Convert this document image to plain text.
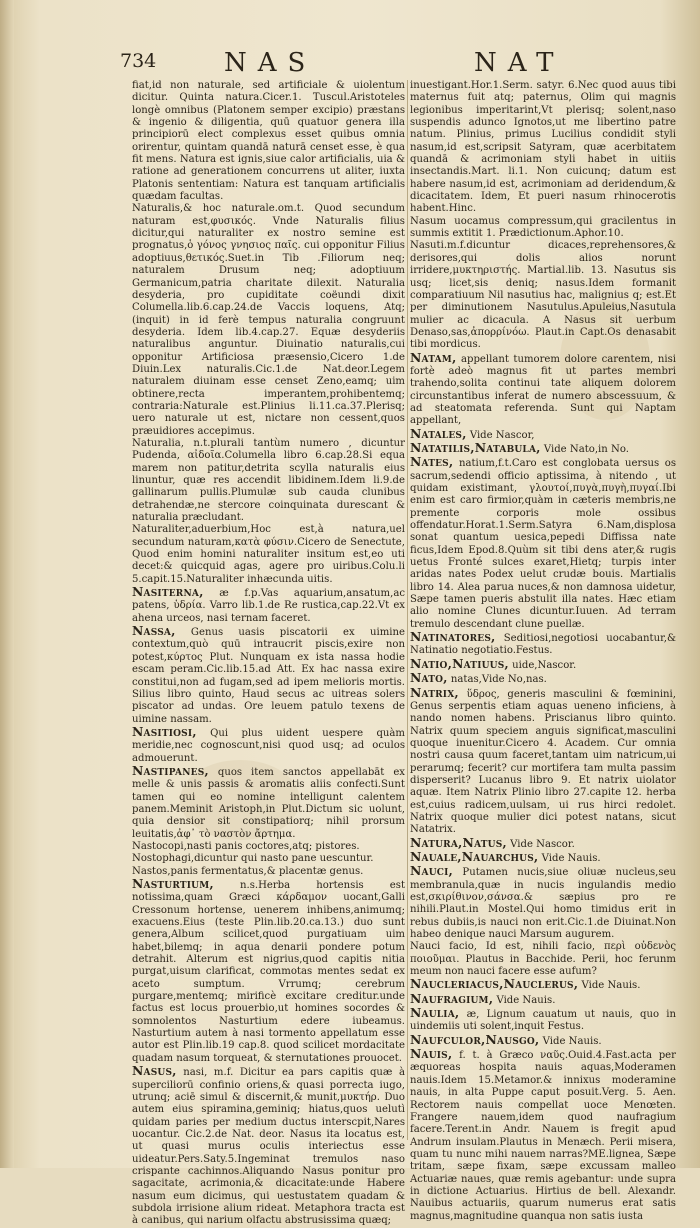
734	NAS	NAT

fiat,id non naturale, sed artificiale & uiolentum dicitur. Quinta natura.Cicer.1. Tuscul.Aristoteles longè omnibus (Platonem semper excipio) præstans & ingenio & diligentia, quū quatuor genera illa principiorū elect complexus esset quibus omnia orirentur, quintam quandā naturā censet esse, è qua fit mens. Natura est ignis,siue calor artificialis, uia & ratione ad generationem concurrens ut aliter, iuxta Platonis sententiam: Natura est tanquam artificialis quædam facultas.

Naturalis,& hoc naturale.om.t. Quod secundum naturam est,φυσικός. Vnde Naturalis filius dicitur,qui naturaliter ex nostro semine est prognatus,ὁ γόνος γνησιος παῖς. cui opponitur Filius adoptiuus,θετικός.Suet.in Tib .Filiorum neq; naturalem Drusum neq; adoptiuum Germanicum,patria charitate dilexit. Naturalia desyderia, pro cupiditate coëundi dixit Columella.lib.6.cap.24.de Vaccis loquens, Atq; (inquit) in id ferè tempus naturalia congruunt desyderia. Idem lib.4.cap.27. Equæ desyderiis naturalibus anguntur. Diuinatio naturalis,cui opponitur Artificiosa præsensio,Cicero 1.de Diuin.Lex naturalis.Cic.1.de Nat.deor.Legem naturalem diuinam esse censet Zeno,eamq; uim obtinere,recta imperantem,prohibentemq; contraria:Naturale est.Plinius li.11.ca.37.Plerisq; uero naturale ut est, nictare non cessent,quos præuidiores accepimus.

Naturalia, n.t.plurali tantùm numero , dicuntur Pudenda, αἰδοῖα.Columella libro 6.cap.28.Si equa marem non patitur,detrita scylla naturalis eius linuntur, quæ res accendit libidinem.Idem li.9.de gallinarum pullis.Plumulæ sub cauda clunibus detrahendæ,ne stercore coinquinata durescant & naturalia præcludant.

Naturaliter,aduerbium,Hoc est,à natura,uel secundum naturam,κατὰ φύσιν.Cicero de Senectute, Quod enim homini naturaliter insitum est,eo uti decet:& quicquid agas, agere pro uiribus.Colu.li 5.capit.15.Naturaliter inhæcunda uitis.

Nasiterna, æ f.p.Vas aquarium,ansatum,ac patens, ὑδρία. Varro lib.1.de Re rustica,cap.22.Vt ex ahena urceos, nasi ternam faceret.

Nassa, Genus uasis piscatorii ex uimine contextum,quò quū intraucrit piscis,exire non potest,κύρτος Plut. Nunquam ex ista nassa hodie escam peram.Cic.lib.15.ad Att. Ex hac nassa exire constitui,non ad fugam,sed ad ipem melioris mortis. Silius libro quinto, Haud secus ac uitreas solers piscator ad undas. Ore leuem patulo texens de uimine nassam.

Nasitiosi, Qui plus uident uespere quàm meridie,nec cognoscunt,nisi quod usq; ad oculos admouerunt.

Nastipanes, quos item sanctos appellabāt ex melle & unis passis & aromatis aliis confecti.Sunt tamen qui eo nomine intelligunt calentem panem.Meminit Aristoph,in Plut.Dictum sic uolunt, quia densior sit constipatiorq; nihil prorsum leuitatis,ἀφ᾽ τὸ ναστὸν ἄρτημα.

Nastocopi,nasti panis coctores,atq; pistores.

Nostophagi,dicuntur qui nasto pane uescuntur.

Nastos,panis fermentatus,& placentæ genus.

Nasturtium,	n.s.Herba hortensis est notissima,quam Græci κάρδαμον uocant,Galli Cressonum hortense, uenerem inhibens,animumq; exacuens.Eius (teste Plin.lib.20.ca.13.) duo sunt genera,Album scilicet,quod purgatiuam uim habet,bilemq; in aqua denarii pondere potum detrahit. Alterum est nigrius,quod capitis nitia purgat,uisum clarificat, commotas mentes sedat ex aceto sumptum. Vrrumq; cerebrum purgare,mentemq; mirificè excitare creditur.unde factus est locus prouerbio,ut homines socordes & somnolentos Nasturtium edere iubeamus. Nasturtium autem à nasi tormento appellatum esse autor est Plin.lib.19 cap.8. quod scilicet mordacitate quadam nasum torqueat, & sternutationes prouocet.

Nasus, nasi, m.f. Dicitur ea pars capitis quæ à superciliorū confinio oriens,& quasi porrecta iugo, utrunq; aciē simul & discernit,& munit,μυκτήρ. Duo autem eius spiramina,geminiq; hiatus,quos uelutì quidam paries per medium ductus interscpit,Nares uocantur. Cic.2.de Nat. deor. Nasus ita locatus est, ut quasi murus oculis interiectus esse uideatur.Pers.Saty.5.Ingeminat tremulos naso crispante cachinnos.Aliquando Nasus ponitur pro sagacitate, acrimonia,& dicacitate:unde Habere nasum eum dicimus, qui uestustatem quadam & subdola irrisione alium rideat. Metaphora tracta est à canibus, qui narium olfactu abstrusissima quæq;

inuestigant.Hor.1.Serm. satyr. 6.Nec quod auus tibi maternus fuit atq; paternus, Olim qui magnis legionibus imperitarint,Vt plerisq; solent,naso suspendis adunco Ignotos,ut me libertino patre natum. Plinius, primus Lucilius condidit styli nasum,id est,scripsit Satyram, quæ acerbitatem quandā & acrimoniam styli habet in uitiis insectandis.Mart. li.1. Non cuicunq; datum est habere nasum,id est, acrimoniam ad deridendum,& dicacitatem. Idem, Et pueri nasum rhinocerotis habent.Hinc.

Nasum uocamus compressum,qui gracilentus in summis extitit 1. Prædictionum.Aphor.10.

Nasuti.m.f.dicuntur dicaces,reprehensores,& derisores,qui dolis alios norunt irridere,μυκτηριστής. Martial.lib. 13. Nasutus sis usq; licet,sis deniq; nasus.Idem formanit comparatiuum Nil nasutius hac, malignius q; est.Et per diminutionem Nasutulus.Apuleius,Nasutula mulier ac dicacula. A Nasus sit uerbum Denaso,sas,ἀπορρίνόω. Plaut.in Capt.Os denasabit tibi mordicus.

Natam, appellant tumorem dolore carentem, nisi fortè adeò magnus fit ut partes membri trahendo,solita continui tate aliquem dolorem circunstantibus inferat de numero abscessuum, & ad steatomata referenda. Sunt qui Naptam appellant,

Natales, Vide Nascor,

Natatilis,Natabula, Vide Nato,in No.

Nates, natium,f.t.Caro est conglobata uersus os sacrum,sedendi officio aptissima, à nitendo , ut quidam existimant, γλουτοί,πυγὰ,πυγὴ,πυγαί.Ibi enim est caro firmior,quàm in cæteris membris,ne premente corporis mole ossibus offendatur.Horat.1.Serm.Satyra 6.Nam,displosa sonat quantum uesica,pepedi Diffissa nate ficus,Idem Epod.8.Quùm sit tibi dens ater,& rugis uetus Fronté sulces exaret,Hietq; turpis inter aridas nates Podex uelut crudæ bouis. Martialis libro 14. Alea parua nuces,& non damnosa uidetur, Sæpe tamen pueris abstulit illa nates. Hæc etiam alio nomine Clunes dicuntur.Iuuen. Ad terram tremulo descendant clune puellæ.

Natinatores, Seditiosi,negotiosi uocabantur,& Natinatio negotiatio.Festus.

Natio,Natiuus, uide,Nascor.

Nato, natas,Vide No,nas.

Natrix, ὕδρος, generis masculini & fœminini, Genus serpentis etiam aquas ueneno inficiens, à nando nomen habens. Priscianus libro quinto. Natrix quum speciem anguis significat,masculini quoque inuenitur.Cicero 4. Academ. Cur omnia nostri causa quum faceret,tantam uim natricum,ui perarumq; fecerit? cur mortifera tam multa passim disperserit? Lucanus libro 9. Et natrix uiolator aquæ. Item Natrix Plinio libro 27.capite 12. herba est,cuius radicem,uulsam, ui rus hirci redolet. Natrix quoque mulier dici potest natans, sicut Natatrix.

Natura,Natus, Vide Nascor.

Nauale,Nauarchus, Vide Nauis.

Nauci, Putamen nucis,siue oliuæ nucleus,seu membranula,quæ in nucis ingulandis medio est,σκιρίθινον,σάνσα.& sæpius pro re nihili.Plaut.in Mostel.Qui homo timidus erit in rebus dubiis,is nauci non erit.Cic.1.de Diuinat.Non habeo denique nauci Marsum augurem.

Nauci facio, Id est, nihili facio, περὶ οὐδενὸς ποιοῦμαι. Plautus in Bacchide. Perii, hoc ferunm meum non nauci facere esse aufum?

Naucleriacus,Nauclerus, Vide Nauis.

Naufragium, Vide Nauis.

Naulia, æ, Lignum cauatum ut nauis, quo in uindemiis uti solent,inquit Festus.

Naufculor,Nausgo, Vide Nauis.

Nauis, f. t. à Græco ναῦς.Ouid.4.Fast.acta per æquoreas hospita nauis aquas,Moderamen nauis.Idem 15.Metamor.& innixus moderamine nauis, in alta Puppe caput posuit.Verg. 5. Aen. Rectorem nauis compellat uoce Menœten. Frangere nauem,idem quod naufragium facere.Terent.in Andr. Nauem is fregit apud Andrum insulam.Plautus in Menæch. Perii misera, quam tu nunc mihi nauem narras?ME.lignea, Sæpe tritam, sæpe fixam, sæpe excussam malleo Actuariæ naues, quæ remis agebantur: unde supra in dictione Actuarius. Hirtius de bell. Alexandr. Nauibus actuariis, quarum numerus erat satis magnus,magnitudine quanqua non satis iusta
